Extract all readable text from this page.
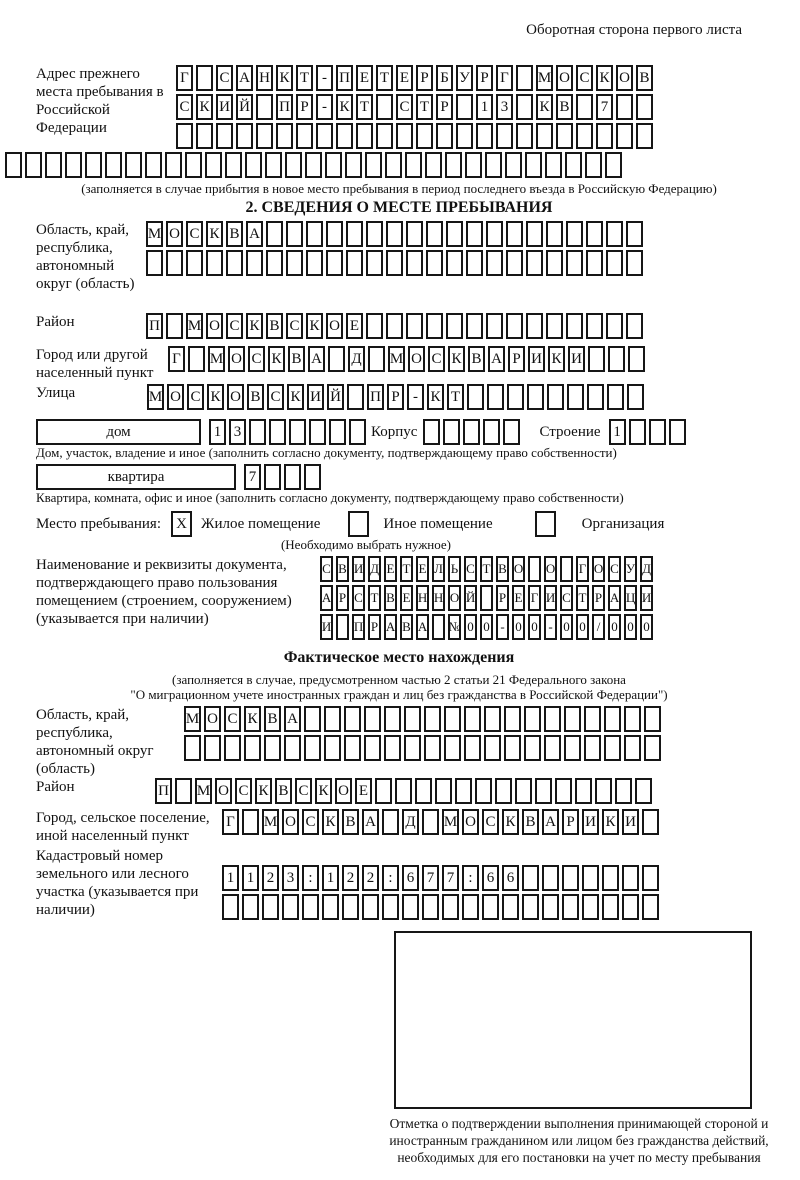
Оборотная сторона первого листа
Адрес прежнего места пребывания в Российской Федерации
Г С А Н К Т - П Е Т Е Р Б У Р Г М О С К О В
С К И Й П Р - К Т С Т Р	1 3	К В	7
(заполняется в случае прибытия в новое место пребывания в период последнего въезда в Российскую Федерацию)
2. СВЕДЕНИЯ О МЕСТЕ ПРЕБЫВАНИЯ
Область, край, республика, автономный округ (область)
М О С К В А
Район	П М О С К В С К О Е
Город или другой населенный пункт
Г М О С К В А Д М О С К В А Р И К И
Улица	М О С К О В С К И Й П Р - К Т
дом	1 3	Корпус	Строение 1
Дом, участок, владение и иное (заполнить согласно документу, подтверждающему право собственности)
квартира	7
Квартира, комната, офис и иное (заполнить согласно документу, подтверждающему право собственности)
Место пребывания:	X Жилое помещение	Иное помещение	Организация
(Необходимо выбрать нужное)
Наименование и реквизиты документа, подтверждающего право пользования помещением (строением, сооружением) (указывается при наличии)
С В И Д Е Т Е Л Ь С Т В О О Г О С У Д
А Р С Т В Е Н Н О Й Р Е Г И С Т Р А Ц И
И П Р А В А № 0 0 - 0 0 - 0 0 / 0 0 0
Фактическое место нахождения
(заполняется в случае, предусмотренном частью 2 статьи 21 Федерального закона
"О миграционном учете иностранных граждан и лиц без гражданства в Российской Федерации")
Область, край, республика, автономный округ (область)
М О С К В А
Район	П М О С К В С К О Е
Город, сельское поселение, иной населенный пункт
Г М О С К В А Д М О С К В А Р И К И
Кадастровый номер земельного или лесного участка (указывается при наличии)
1 1 2 3 : 1 2 2 : 6 7 7 : 6 6
Отметка о подтверждении выполнения принимающей стороной и иностранным гражданином или лицом без гражданства действий, необходимых для его постановки на учет по месту пребывания
